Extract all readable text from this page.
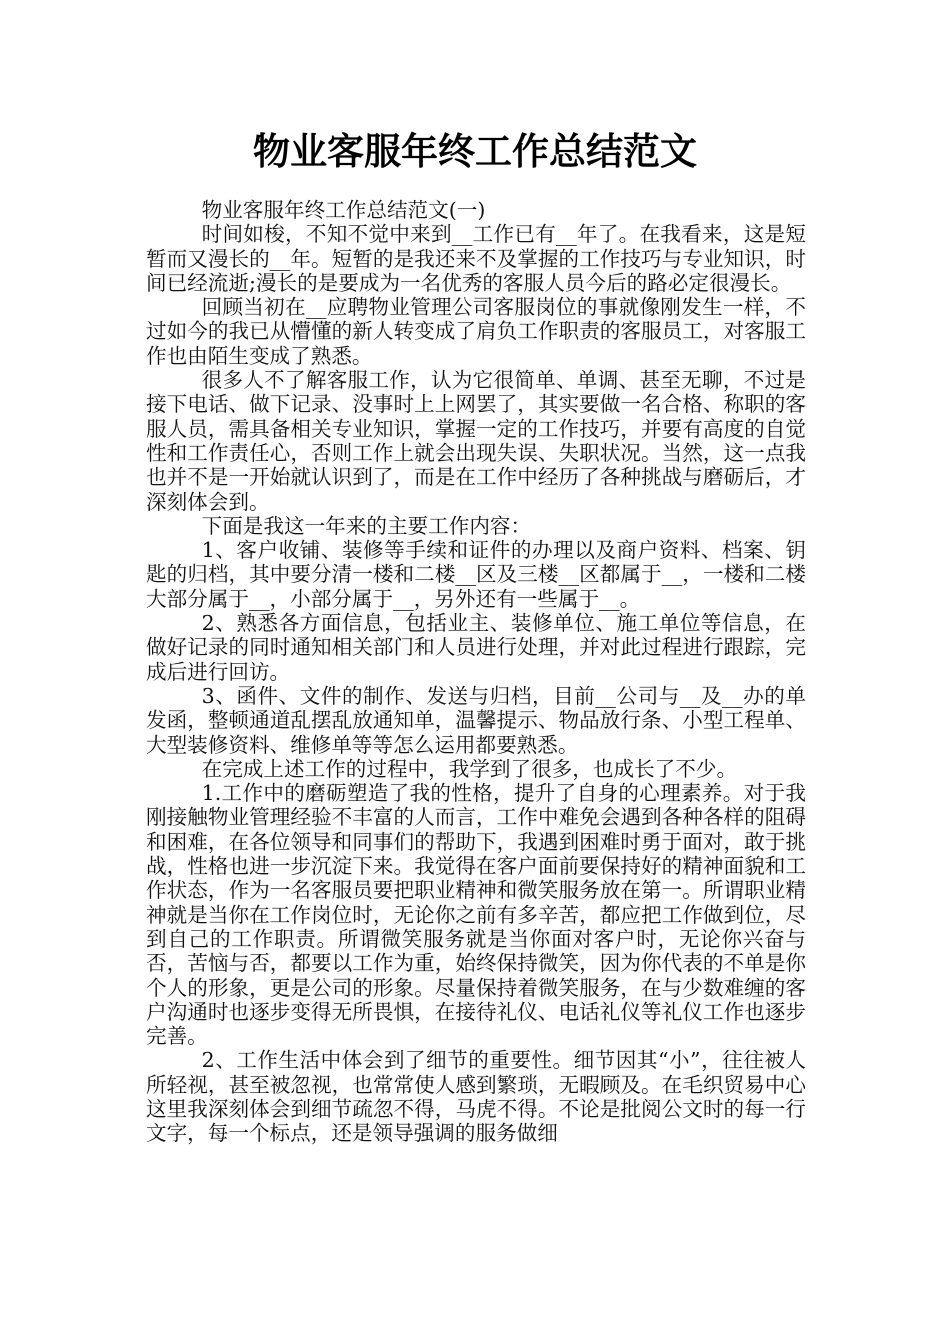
物业客服年终工作总结范文

物业客服年终工作总结范文(一)

时间如梭，不知不觉中来到__工作已有__年了。在我看来，这是短暂而又漫长的__年。短暂的是我还来不及掌握的工作技巧与专业知识，时间已经流逝;漫长的是要成为一名优秀的客服人员今后的路必定很漫长。

回顾当初在__应聘物业管理公司客服岗位的事就像刚发生一样，不过如今的我已从懵懂的新人转变成了肩负工作职责的客服员工，对客服工作也由陌生变成了熟悉。

很多人不了解客服工作，认为它很简单、单调、甚至无聊，不过是接下电话、做下记录、没事时上上网罢了，其实要做一名合格、称职的客服人员，需具备相关专业知识，掌握一定的工作技巧，并要有高度的自觉性和工作责任心，否则工作上就会出现失误、失职状况。当然，这一点我也并不是一开始就认识到了，而是在工作中经历了各种挑战与磨砺后，才深刻体会到。

下面是我这一年来的主要工作内容：

1、客户收铺、装修等手续和证件的办理以及商户资料、档案、钥匙的归档，其中要分清一楼和二楼__区及三楼__区都属于__，一楼和二楼大部分属于__，小部分属于__，另外还有一些属于__。

2、熟悉各方面信息，包括业主、装修单位、施工单位等信息，在做好记录的同时通知相关部门和人员进行处理，并对此过程进行跟踪，完成后进行回访。

3、函件、文件的制作、发送与归档，目前__公司与__及__办的单发函，整顿通道乱摆乱放通知单，温馨提示、物品放行条、小型工程单、大型装修资料、维修单等等怎么运用都要熟悉。

在完成上述工作的过程中，我学到了很多，也成长了不少。

1.工作中的磨砺塑造了我的性格，提升了自身的心理素养。对于我刚接触物业管理经验不丰富的人而言，工作中难免会遇到各种各样的阻碍和困难，在各位领导和同事们的帮助下，我遇到困难时勇于面对，敢于挑战，性格也进一步沉淀下来。我觉得在客户面前要保持好的精神面貌和工作状态，作为一名客服员要把职业精神和微笑服务放在第一。所谓职业精神就是当你在工作岗位时，无论你之前有多辛苦，都应把工作做到位，尽到自己的工作职责。所谓微笑服务就是当你面对客户时，无论你兴奋与否，苦恼与否，都要以工作为重，始终保持微笑，因为你代表的不单是你个人的形象，更是公司的形象。尽量保持着微笑服务，在与少数难缠的客户沟通时也逐步变得无所畏惧，在接待礼仪、电话礼仪等礼仪工作也逐步完善。

2、工作生活中体会到了细节的重要性。细节因其“小”，往往被人所轻视，甚至被忽视，也常常使人感到繁琐，无暇顾及。在毛织贸易中心这里我深刻体会到细节疏忽不得，马虎不得。不论是批阅公文时的每一行文字，每一个标点，还是领导强调的服务做细
